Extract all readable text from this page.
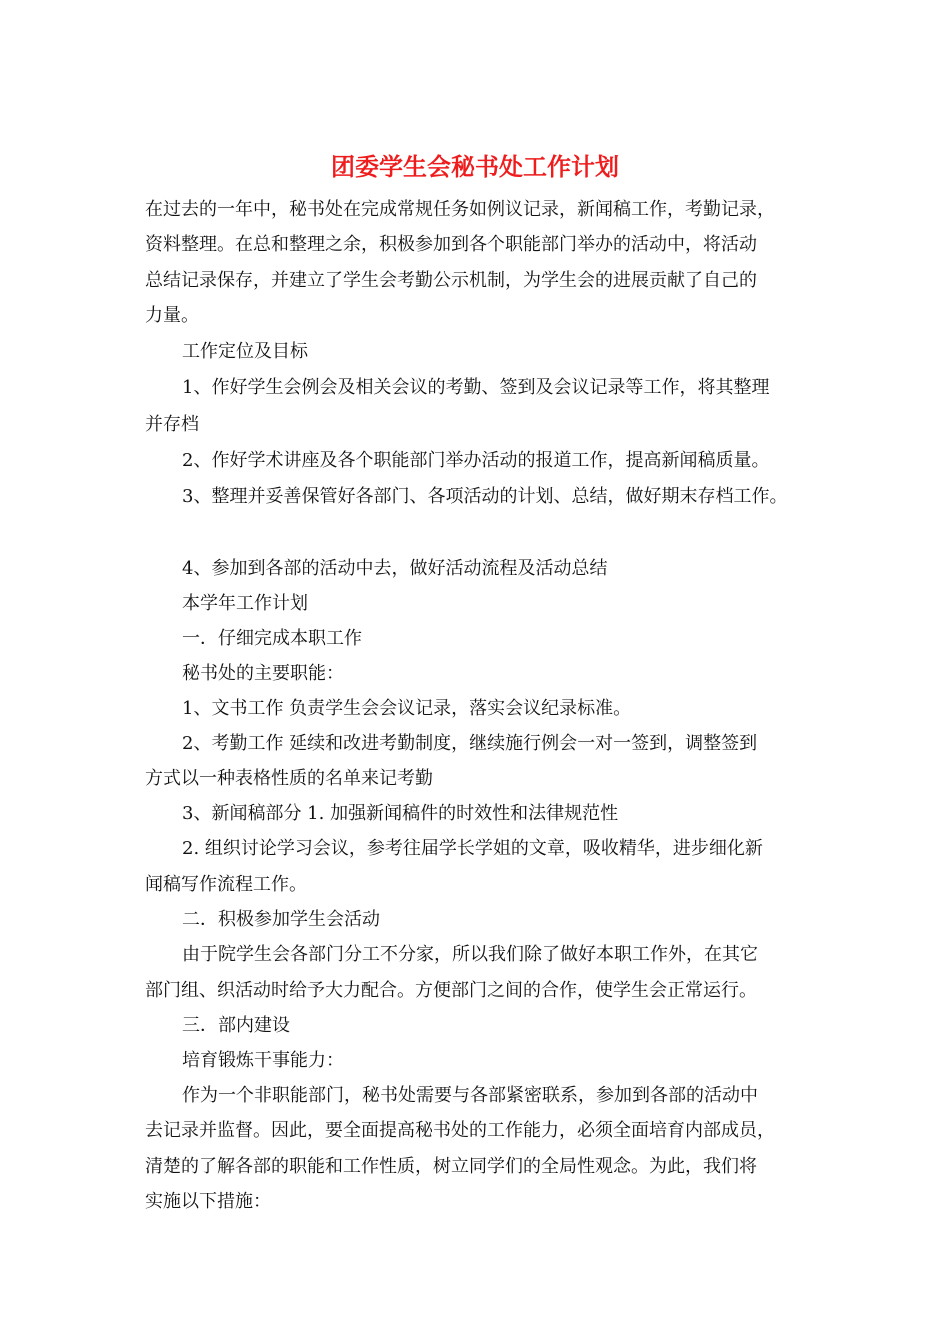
团委学生会秘书处工作计划

在过去的一年中，秘书处在完成常规任务如例议记录，新闻稿工作，考勤记录，

资料整理。在总和整理之余，积极参加到各个职能部门举办的活动中，将活动

总结记录保存，并建立了学生会考勤公示机制，为学生会的进展贡献了自己的

力量。

工作定位及目标

1、作好学生会例会及相关会议的考勤、签到及会议记录等工作，将其整理

并存档

2、作好学术讲座及各个职能部门举办活动的报道工作，提高新闻稿质量。

3、整理并妥善保管好各部门、各项活动的计划、总结，做好期末存档工作。

4、参加到各部的活动中去，做好活动流程及活动总结

本学年工作计划

一．仔细完成本职工作

秘书处的主要职能：

1、文书工作 负责学生会会议记录，落实会议纪录标准。

2、考勤工作 延续和改进考勤制度，继续施行例会一对一签到，调整签到

方式以一种表格性质的名单来记考勤

3、新闻稿部分 1. 加强新闻稿件的时效性和法律规范性

2. 组织讨论学习会议，参考往届学长学姐的文章，吸收精华，进步细化新

闻稿写作流程工作。

二．积极参加学生会活动

由于院学生会各部门分工不分家，所以我们除了做好本职工作外，在其它

部门组、织活动时给予大力配合。方便部门之间的合作，使学生会正常运行。

三．部内建设

培育锻炼干事能力：

作为一个非职能部门，秘书处需要与各部紧密联系，参加到各部的活动中

去记录并监督。因此，要全面提高秘书处的工作能力，必须全面培育内部成员，

清楚的了解各部的职能和工作性质，树立同学们的全局性观念。为此，我们将

实施以下措施：
